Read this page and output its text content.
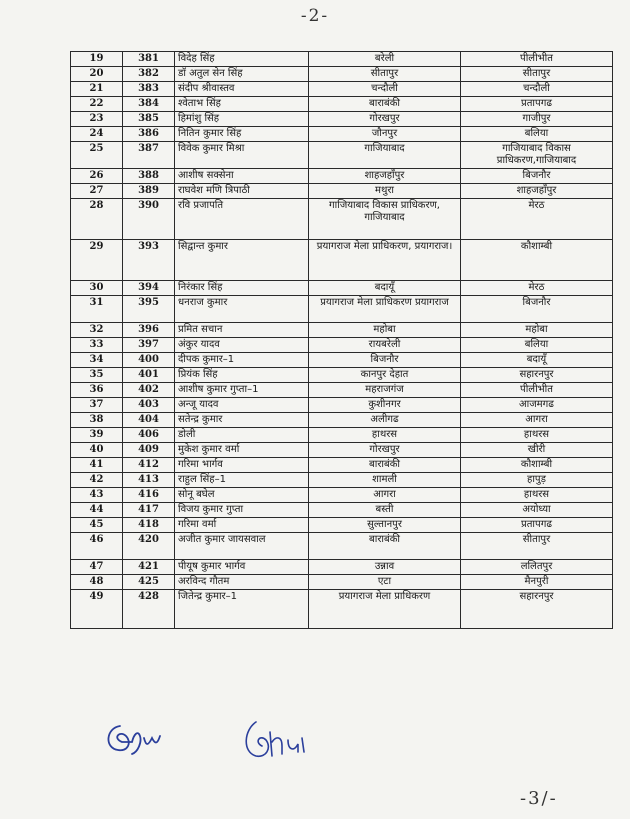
-2-
19	381	विदेह सिंह	बरेली	पीलीभीत
20	382	डॉ अतुल सेन सिंह	सीतापुर	सीतापुर
21	383	संदीप श्रीवास्तव	चन्दौली	चन्दौली
22	384	श्वेताभ सिंह	बाराबंकी	प्रतापगढ
23	385	हिमांशु सिंह	गोरखपुर	गाजीपुर
24	386	नितिन कुमार सिंह	जौनपुर	बलिया
25	387	विवेक कुमार मिश्रा	गाजियाबाद	गाजियाबाद विकास प्राधिकरण,गाजियाबाद
26	388	आशीष सक्सेना	शाहजहाँपुर	बिजनौर
27	389	राघवेश मणि त्रिपाठी	मथुरा	शाहजहाँपुर
28	390	रवि प्रजापति	गाजियाबाद विकास प्राधिकरण, गाजियाबाद	मेरठ
29	393	सिद्वान्त कुमार	प्रयागराज मेला प्राधिकरण, प्रयागराज।	कौशाम्बी
30	394	निरंकार सिंह	बदायूँ	मेरठ
31	395	धनराज कुमार	प्रयागराज मेला प्राधिकरण प्रयागराज	बिजनौर
32	396	प्रमित सचान	महोबा	महोबा
33	397	अंकुर यादव	रायबरेली	बलिया
34	400	दीपक कुमार–1	बिजनौर	बदायूँ
35	401	प्रियंक सिंह	कानपुर देहात	सहारनपुर
36	402	आशीष कुमार गुप्ता–1	महराजगंज	पीलीभीत
37	403	अन्जू यादव	कुशीनगर	आजमगढ
38	404	सतेन्द्र कुमार	अलीगढ	आगरा
39	406	डोली	हाथरस	हाथरस
40	409	मुकेश कुमार वर्मा	गोरखपुर	खीरी
41	412	गरिमा भार्गव	बाराबंकी	कौशाम्बी
42	413	राहुल सिंह–1	शामली	हापुड़
43	416	सोनू बघेल	आगरा	हाथरस
44	417	विजय कुमार गुप्ता	बस्ती	अयोध्या
45	418	गरिमा वर्मा	सुल्तानपुर	प्रतापगढ
46	420	अजीत कुमार जायसवाल	बाराबंकी	सीतापुर
47	421	पीयूष कुमार भार्गव	उन्नाव	ललितपुर
48	425	अरविन्द गौतम	एटा	मैनपुरी
49	428	जितेन्द्र कुमार–1	प्रयागराज मेला प्राधिकरण	सहारनपुर
-3/-
